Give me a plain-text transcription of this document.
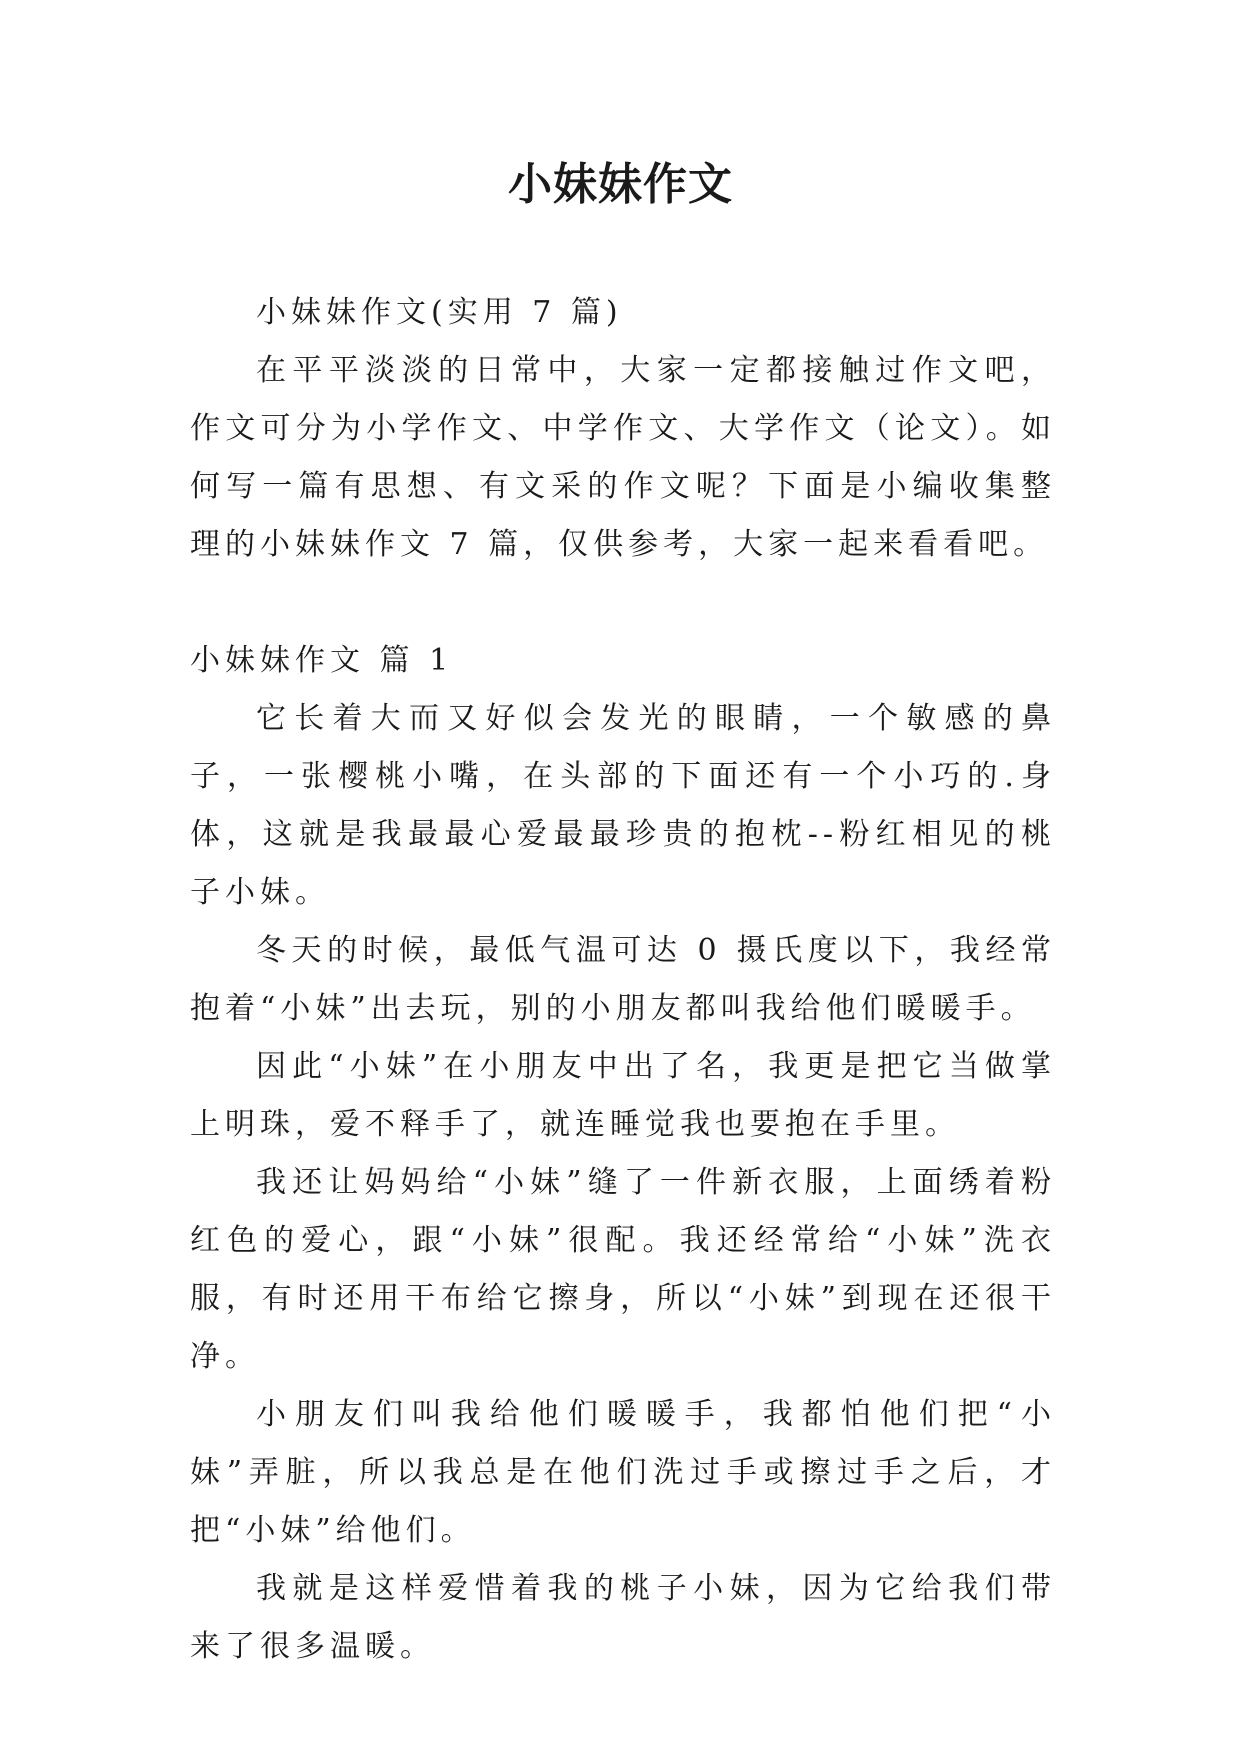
小妹妹作文

小妹妹作文(实用 7 篇)

在平平淡淡的日常中，大家一定都接触过作文吧，作文可分为小学作文、中学作文、大学作文（论文）。如何写一篇有思想、有文采的作文呢？下面是小编收集整理的小妹妹作文 7 篇，仅供参考，大家一起来看看吧。

小妹妹作文 篇 1

它长着大而又好似会发光的眼睛，一个敏感的鼻子，一张樱桃小嘴，在头部的下面还有一个小巧的.身体，这就是我最最心爱最最珍贵的抱枕--粉红相见的桃子小妹。

冬天的时候，最低气温可达 0 摄氏度以下，我经常抱着“小妹”出去玩，别的小朋友都叫我给他们暖暖手。

因此“小妹”在小朋友中出了名，我更是把它当做掌上明珠，爱不释手了，就连睡觉我也要抱在手里。

我还让妈妈给“小妹”缝了一件新衣服，上面绣着粉红色的爱心，跟“小妹”很配。我还经常给“小妹”洗衣服，有时还用干布给它擦身，所以“小妹”到现在还很干净。

小朋友们叫我给他们暖暖手，我都怕他们把“小妹”弄脏，所以我总是在他们洗过手或擦过手之后，才把“小妹”给他们。

我就是这样爱惜着我的桃子小妹，因为它给我们带来了很多温暖。
